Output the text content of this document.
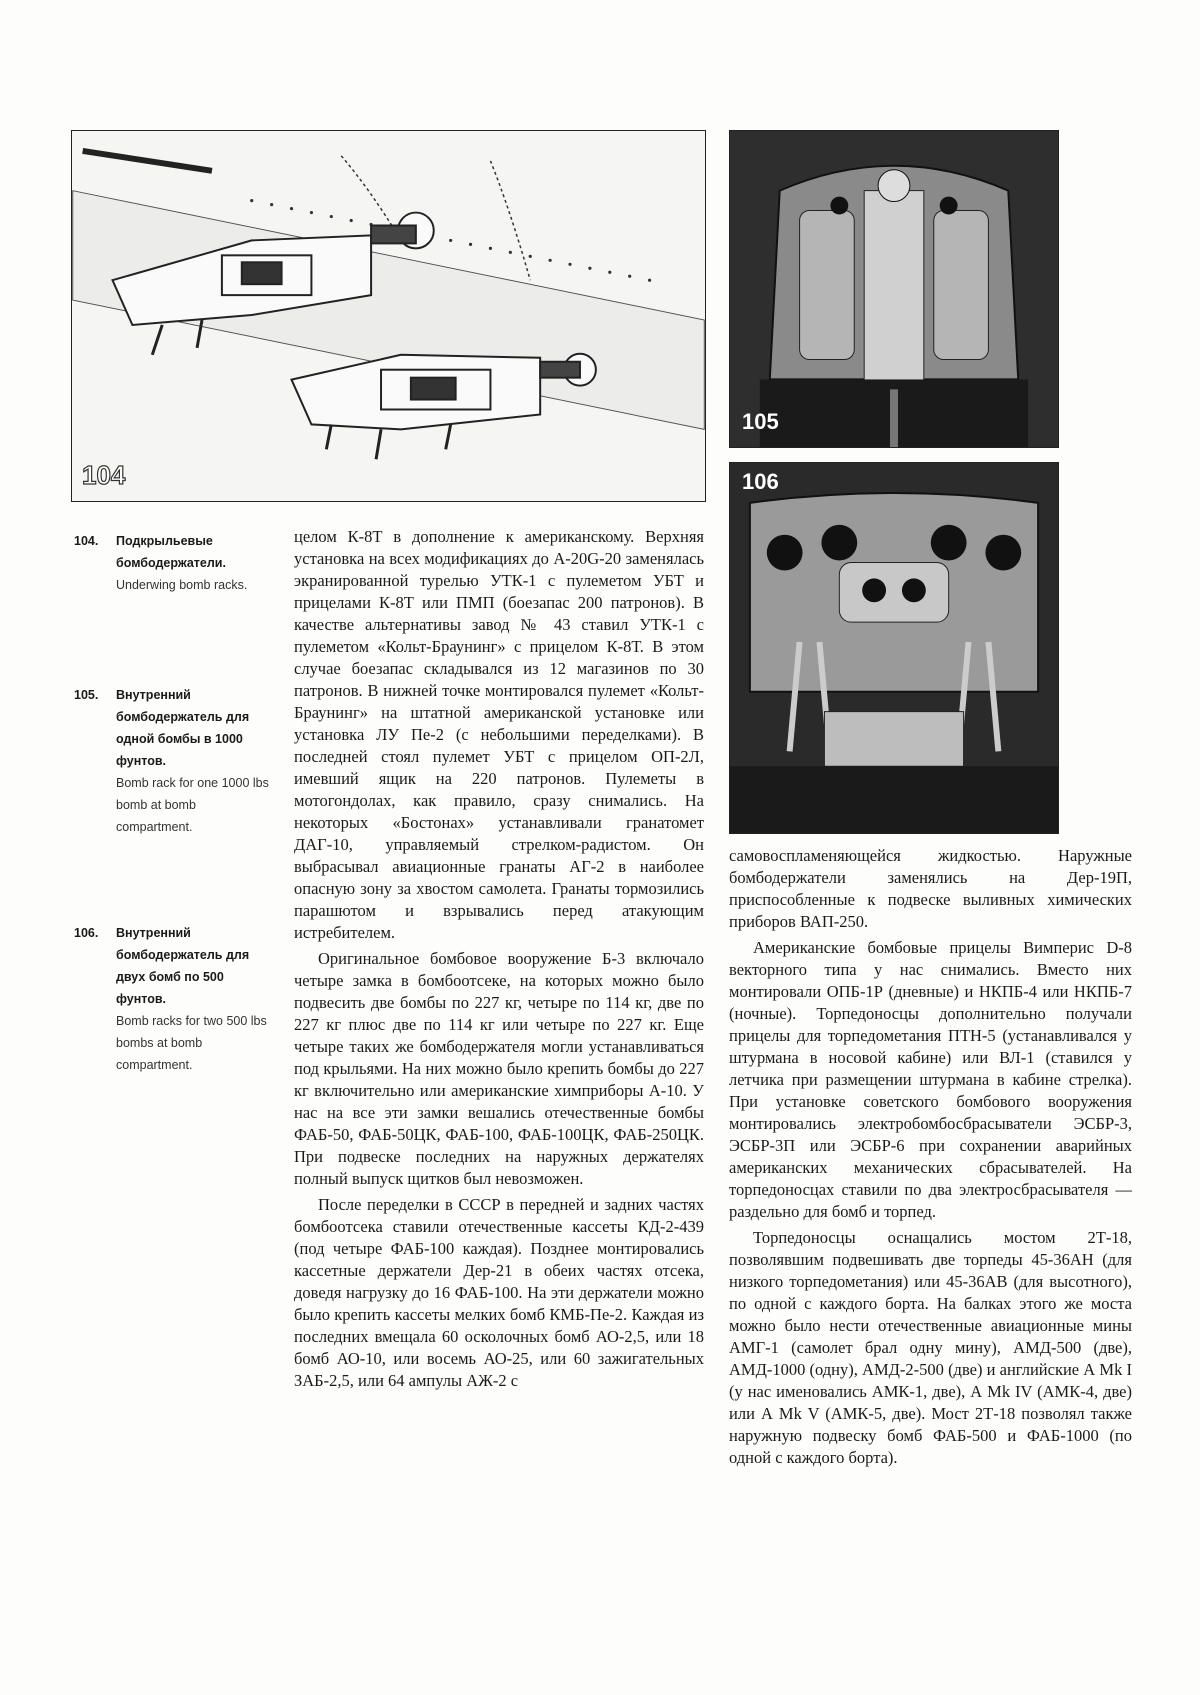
104
105
106
104. Подкрыльевые бомбодержатели.
Underwing bomb racks.
105. Внутренний бомбодержатель для одной бомбы в 1000 фунтов.
Bomb rack for one 1000 lbs bomb at bomb compartment.
106. Внутренний бомбодержатель для двух бомб по 500 фунтов.
Bomb racks for two 500 lbs bombs at bomb compartment.

целом К-8Т в дополнение к американскому. Верхняя установка на всех модификациях до А-20G-20 заменялась экранированной турелью УТК-1 с пулеметом УБТ и прицелами К-8Т или ПМП (боезапас 200 патронов). В качестве альтернативы завод № 43 ставил УТК-1 с пулеметом «Кольт-Браунинг» с прицелом К-8Т. В этом случае боезапас складывался из 12 магазинов по 30 патронов. В нижней точке монтировался пулемет «Кольт-Браунинг» на штатной американской установке или установка ЛУ Пе-2 (с небольшими переделками). В последней стоял пулемет УБТ с прицелом ОП-2Л, имевший ящик на 220 патронов. Пулеметы в мотогондолах, как правило, сразу снимались. На некоторых «Бостонах» устанавливали гранатомет ДАГ-10, управляемый стрелком-радистом. Он выбрасывал авиационные гранаты АГ-2 в наиболее опасную зону за хвостом самолета. Гранаты тормозились парашютом и взрывались перед атакующим истребителем.

Оригинальное бомбовое вооружение Б-3 включало четыре замка в бомбоотсеке, на которых можно было подвесить две бомбы по 227 кг, четыре по 114 кг, две по 227 кг плюс две по 114 кг или четыре по 227 кг. Еще четыре таких же бомбодержателя могли устанавливаться под крыльями. На них можно было крепить бомбы до 227 кг включительно или американские химприборы А-10. У нас на все эти замки вешались отечественные бомбы ФАБ-50, ФАБ-50ЦК, ФАБ-100, ФАБ-100ЦК, ФАБ-250ЦК. При подвеске последних на наружных держателях полный выпуск щитков был невозможен.

После переделки в СССР в передней и задних частях бомбоотсека ставили отечественные кассеты КД-2-439 (под четыре ФАБ-100 каждая). Позднее монтировались кассетные держатели Дер-21 в обеих частях отсека, доведя нагрузку до 16 ФАБ-100. На эти держатели можно было крепить кассеты мелких бомб КМБ-Пе-2. Каждая из последних вмещала 60 осколочных бомб АО-2,5, или 18 бомб АО-10, или восемь АО-25, или 60 зажигательных ЗАБ-2,5, или 64 ампулы АЖ-2 с

самовоспламеняющейся жидкостью. Наружные бомбодержатели заменялись на Дер-19П, приспособленные к подвеске выливных химических приборов ВАП-250.

Американские бомбовые прицелы Вимперис D-8 векторного типа у нас снимались. Вместо них монтировали ОПБ-1Р (дневные) и НКПБ-4 или НКПБ-7 (ночные). Торпедоносцы дополнительно получали прицелы для торпедометания ПТН-5 (устанавливался у штурмана в носовой кабине) или ВЛ-1 (ставился у летчика при размещении штурмана в кабине стрелка). При установке советского бомбового вооружения монтировались электробомбосбрасыватели ЭСБР-3, ЭСБР-3П или ЭСБР-6 при сохранении аварийных американских механических сбрасывателей. На торпедоносцах ставили по два электросбрасывателя — раздельно для бомб и торпед.

Торпедоносцы оснащались мостом 2Т-18, позволявшим подвешивать две торпеды 45-36АН (для низкого торпедометания) или 45-36АВ (для высотного), по одной с каждого борта. На балках этого же моста можно было нести отечественные авиационные мины АМГ-1 (самолет брал одну мину), АМД-500 (две), АМД-1000 (одну), АМД-2-500 (две) и английские А Mk I (у нас именовались АМК-1, две), А Mk IV (АМК-4, две) или А Mk V (АМК-5, две). Мост 2Т-18 позволял также наружную подвеску бомб ФАБ-500 и ФАБ-1000 (по одной с каждого борта).
